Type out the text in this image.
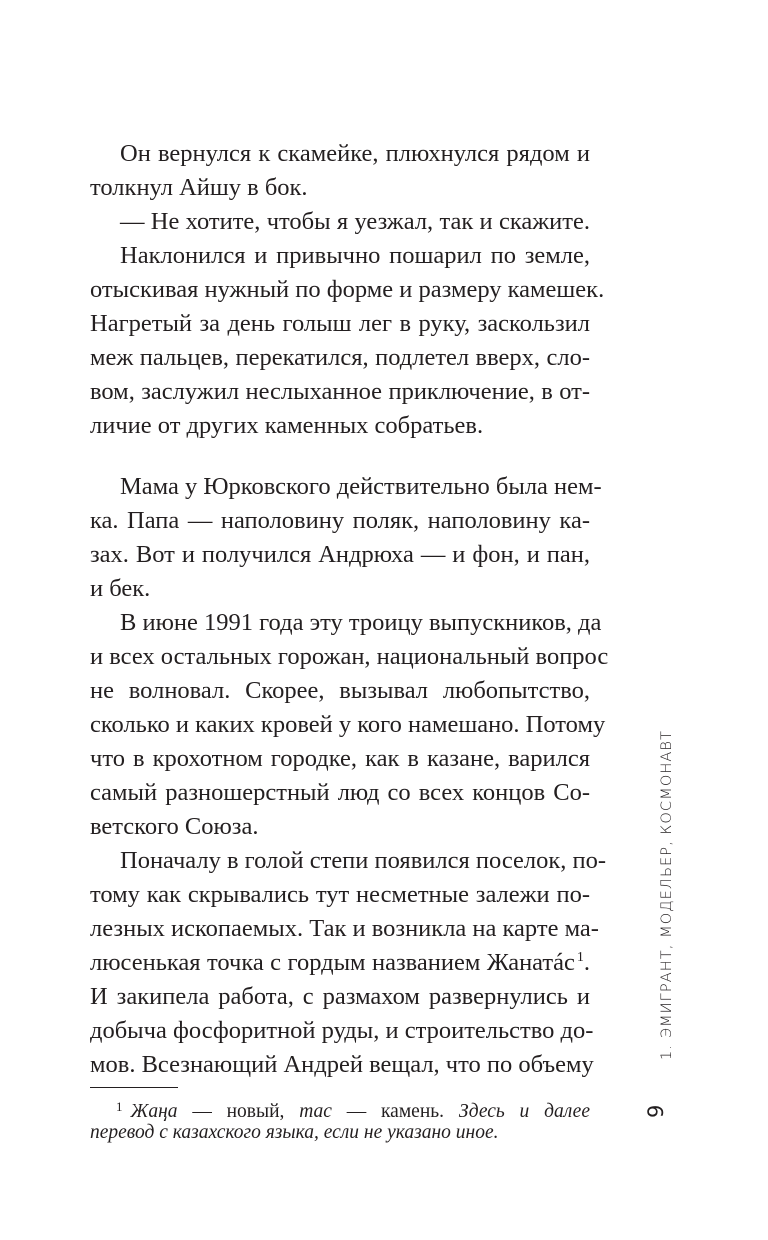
Он вернулся к скамейке, плюхнулся рядом и
толкнул Айшу в бок.
— Не хотите, чтобы я уезжал, так и скажите.
Наклонился и привычно пошарил по земле,
отыскивая нужный по форме и размеру камешек.
Нагретый за день голыш лег в руку, заскользил
меж пальцев, перекатился, подлетел вверх, сло-
вом, заслужил неслыханное приключение, в от-
личие от других каменных собратьев.
Мама у Юрковского действительно была нем-
ка. Папа — наполовину поляк, наполовину ка-
зах. Вот и получился Андрюха — и фон, и пан,
и бек.
В июне 1991 года эту троицу выпускников, да
и всех остальных горожан, национальный вопрос
не волновал. Скорее, вызывал любопытство,
сколько и каких кровей у кого намешано. Потому
что в крохотном городке, как в казане, варился
самый разношерстный люд со всех концов Со-
ветского Союза.
Поначалу в голой степи появился поселок, по-
тому как скрывались тут несметные залежи по-
лезных ископаемых. Так и возникла на карте ма-
люсенькая точка с гордым названием Жанатáс $^1$.
И закипела работа, с размахом развернулись и
добыча фосфоритной руды, и строительство до-
мов. Всезнающий Андрей вещал, что по объему
$^1$ Жаңа — новый, тас — камень. Здесь и далее
перевод с казахского языка, если не указано иное.
1. ЭМИГРАНТ, МОДЕЛЬЕР, КОСМОНАВТ
9
